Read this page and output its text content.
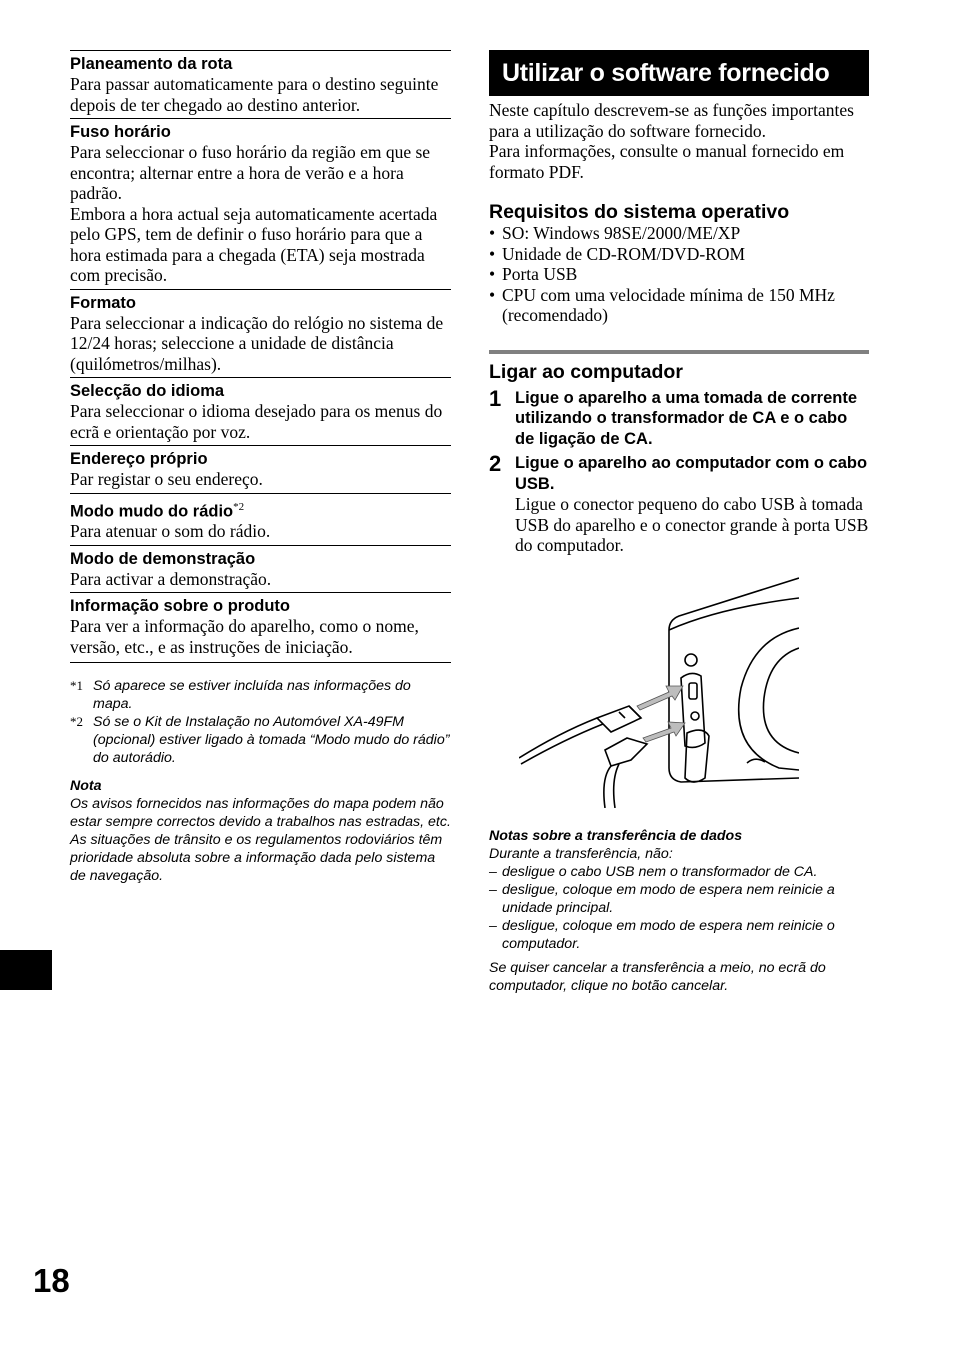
Planeamento da rota
Para passar automaticamente para o destino seguinte depois de ter chegado ao destino anterior.
Fuso horário
Para seleccionar o fuso horário da região em que se encontra; alternar entre a hora de verão e a hora padrão.
Embora a hora actual seja automaticamente acertada pelo GPS, tem de definir o fuso horário para que a hora estimada para a chegada (ETA) seja mostrada com precisão.
Formato
Para seleccionar a indicação do relógio no sistema de 12/24 horas; seleccione a unidade de distância (quilómetros/milhas).
Selecção do idioma
Para seleccionar o idioma desejado para os menus do ecrã e orientação por voz.
Endereço próprio
Par registar o seu endereço.
Modo mudo do rádio$^{*2}$
Para atenuar o som do rádio.
Modo de demonstração
Para activar a demonstração.
Informação sobre o produto
Para ver a informação do aparelho, como o nome, versão, etc., e as instruções de iniciação.
*1 Só aparece se estiver incluída nas informações do mapa.
*2 Só se o Kit de Instalação no Automóvel XA-49FM (opcional) estiver ligado à tomada “Modo mudo do rádio” do autorádio.
Nota
Os avisos fornecidos nas informações do mapa podem não estar sempre correctos devido a trabalhos nas estradas, etc. As situações de trânsito e os regulamentos rodoviários têm prioridade absoluta sobre a informação dada pelo sistema de navegação.
Utilizar o software fornecido
Neste capítulo descrevem-se as funções importantes para a utilização do software fornecido.
Para informações, consulte o manual fornecido em formato PDF.
Requisitos do sistema operativo
• SO: Windows 98SE/2000/ME/XP
• Unidade de CD-ROM/DVD-ROM
• Porta USB
• CPU com uma velocidade mínima de 150 MHz (recomendado)
Ligar ao computador
1 Ligue o aparelho a uma tomada de corrente utilizando o transformador de CA e o cabo de ligação de CA.
2 Ligue o aparelho ao computador com o cabo USB.
Ligue o conector pequeno do cabo USB à tomada USB do aparelho e o conector grande à porta USB do computador.
Notas sobre a transferência de dados
Durante a transferência, não:
– desligue o cabo USB nem o transformador de CA.
– desligue, coloque em modo de espera nem reinicie a unidade principal.
– desligue, coloque em modo de espera nem reinicie o computador.
Se quiser cancelar a transferência a meio, no ecrã do computador, clique no botão cancelar.
18
